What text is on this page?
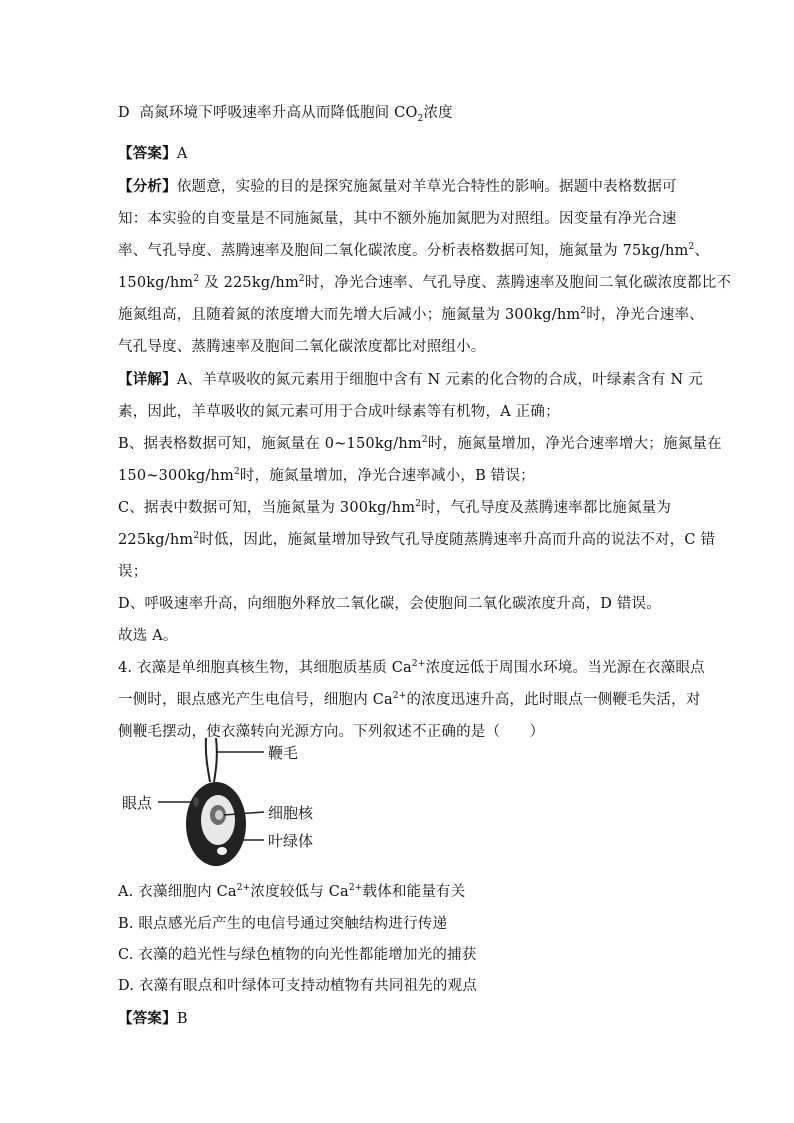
D 高氮环境下呼吸速率升高从而降低胞间 $CO_2$浓度
【答案】A
【分析】依题意，实验的目的是探究施氮量对羊草光合特性的影响。据题中表格数据可
知：本实验的自变量是不同施氮量，其中不额外施加氮肥为对照组。因变量有净光合速
率、气孔导度、蒸腾速率及胞间二氧化碳浓度。分析表格数据可知，施氮量为 $75kg/hm^2$、
$150kg/hm^2$ 及 $225kg/hm^2$时，净光合速率、气孔导度、蒸腾速率及胞间二氧化碳浓度都比不
施氮组高，且随着氮的浓度增大而先增大后减小；施氮量为 $300kg/hm^2$时，净光合速率、
气孔导度、蒸腾速率及胞间二氧化碳浓度都比对照组小。
【详解】A、羊草吸收的氮元素用于细胞中含有 N 元素的化合物的合成，叶绿素含有 N 元
素，因此，羊草吸收的氮元素可用于合成叶绿素等有机物，A 正确；
B、据表格数据可知，施氮量在 $0\sim 150kg/hm^2$时，施氮量增加，净光合速率增大；施氮量在
$150\sim 300kg/hm^2$时，施氮量增加，净光合速率减小，B 错误；
C、据表中数据可知，当施氮量为 $300kg/hm^2$时，气孔导度及蒸腾速率都比施氮量为
$225kg/hm^2$时低，因此，施氮量增加导致气孔导度随蒸腾速率升高而升高的说法不对，C 错
误；
D、呼吸速率升高，向细胞外释放二氧化碳，会使胞间二氧化碳浓度升高，D 错误。
故选 A。
4. 衣藻是单细胞真核生物，其细胞质基质 $Ca^{2+}$浓度远低于周围水环境。当光源在衣藻眼点
一侧时，眼点感光产生电信号，细胞内 $Ca^{2+}$的浓度迅速升高，此时眼点一侧鞭毛失活，对
侧鞭毛摆动，使衣藻转向光源方向。下列叙述不正确的是（　　）
鞭毛
眼点
细胞核
叶绿体
A. 衣藻细胞内 $Ca^{2+}$浓度较低与 $Ca^{2+}$载体和能量有关
B. 眼点感光后产生的电信号通过突触结构进行传递
C. 衣藻的趋光性与绿色植物的向光性都能增加光的捕获
D. 衣藻有眼点和叶绿体可支持动植物有共同祖先的观点
【答案】B
